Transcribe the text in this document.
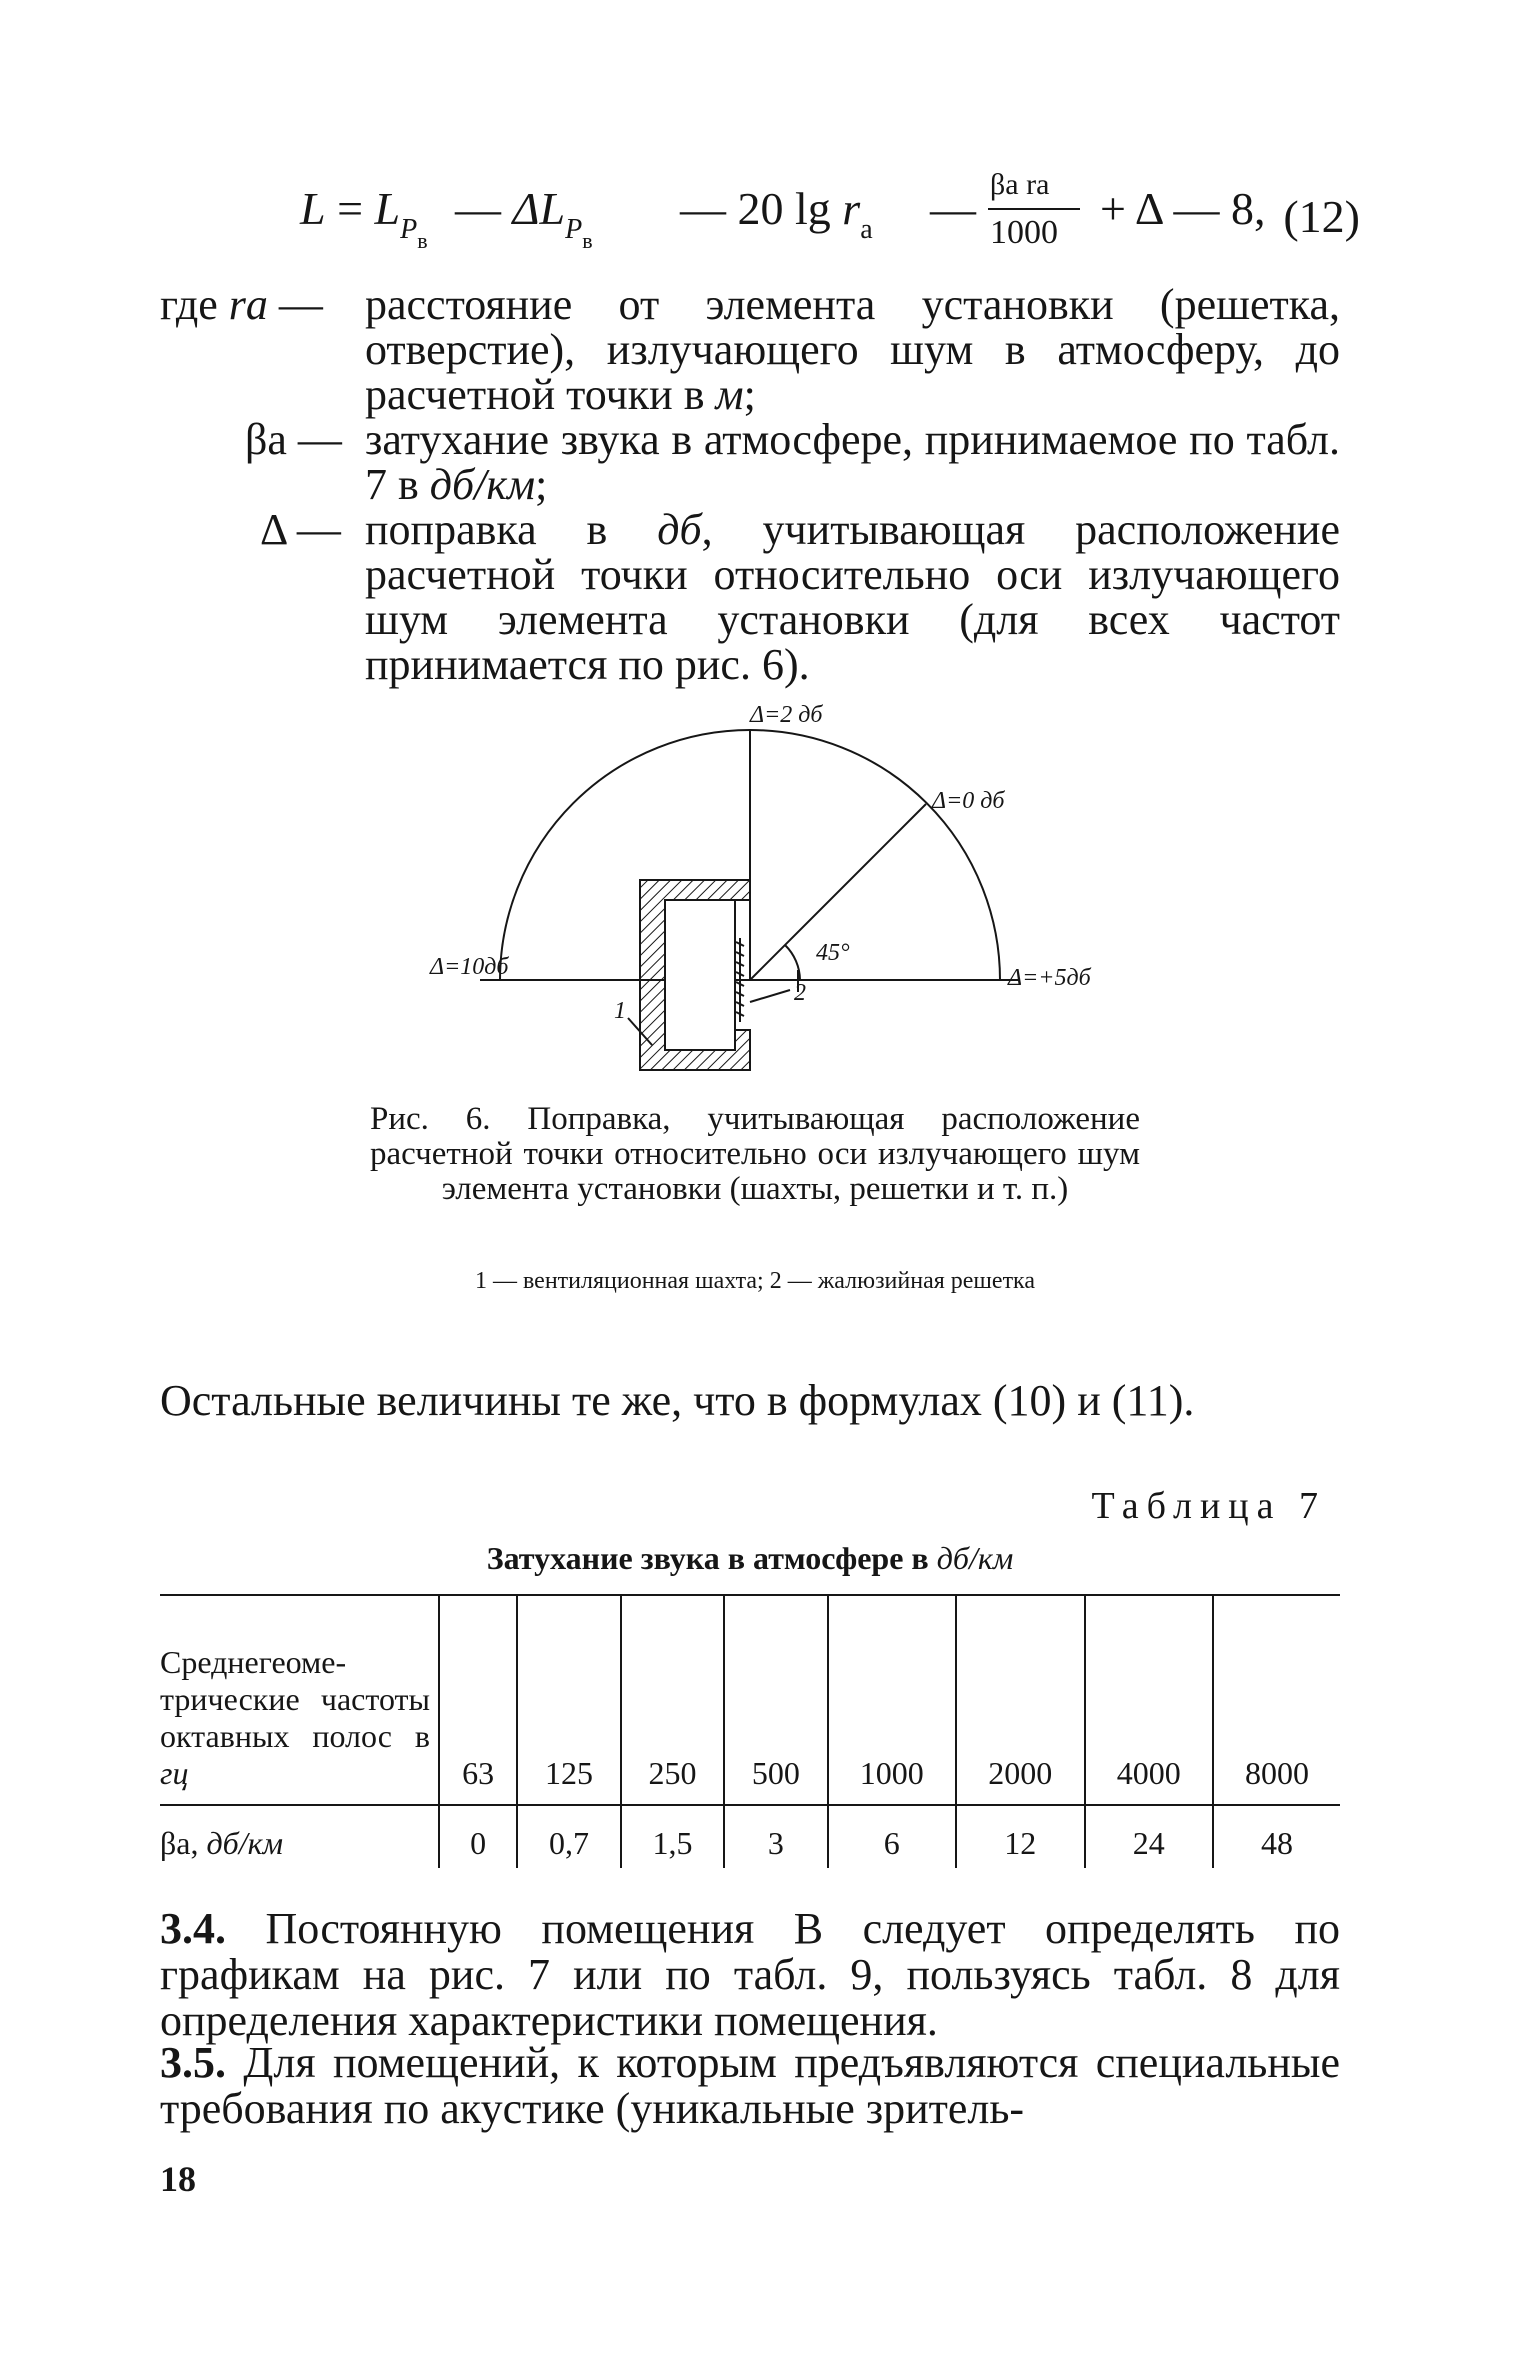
$L = L_{P_в}$
— $\Delta L_{P_в}$
— 20 $\lg r_а$ — βа rа
1000 + Δ — 8, (12)
где rа — расстояние от элемента установки (решетка, отверстие), излучающего шум в атмосферу, до расчетной точки в м;
βа — затухание звука в атмосфере, принимаемое по табл. 7 в дб/км;
Δ — поправка в дб, учитывающая расположение расчетной точки относительно оси излучающего шум элемента установки (для всех частот принимается по рис. 6).
Δ=2 дб
Δ=0 дб
Δ=10дб	Δ=+5дб
45°
1
2
Рис. 6. Поправка, учитывающая расположение расчетной точки относительно оси излучающего шум элемента установки (шахты, решетки и т. п.)
1 — вентиляционная шахта; 2 — жалюзийная решетка
Остальные величины те же, что в формулах (10) и (11).
Таблица 7
Затухание звука в атмосфере в дб/км
Среднегеометрические частоты октавных полос в гц	63	125	250	500	1000	2000	4000	8000
βа, дб/км	0	0,7	1,5	3	6	12	24	48
3.4. Постоянную помещения B следует определять по графикам на рис. 7 или по табл. 9, пользуясь табл. 8 для определения характеристики помещения.
3.5. Для помещений, к которым предъявляются специальные требования по акустике (уникальные зритель-
18
